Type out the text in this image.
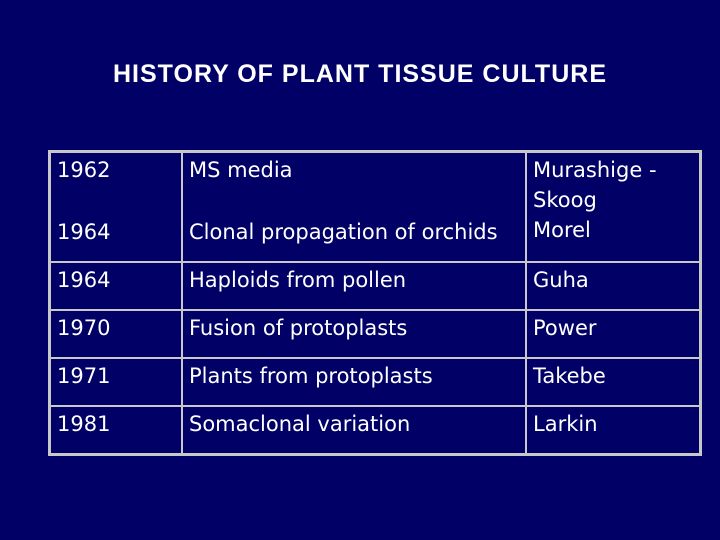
HISTORY OF PLANT TISSUE CULTURE
1962	MS media	Murashige - Skoog
1964	Clonal propagation of orchids	Morel
1964	Haploids from pollen	Guha
1970	Fusion of protoplasts	Power
1971	Plants from protoplasts	Takebe
1981	Somaclonal variation	Larkin
